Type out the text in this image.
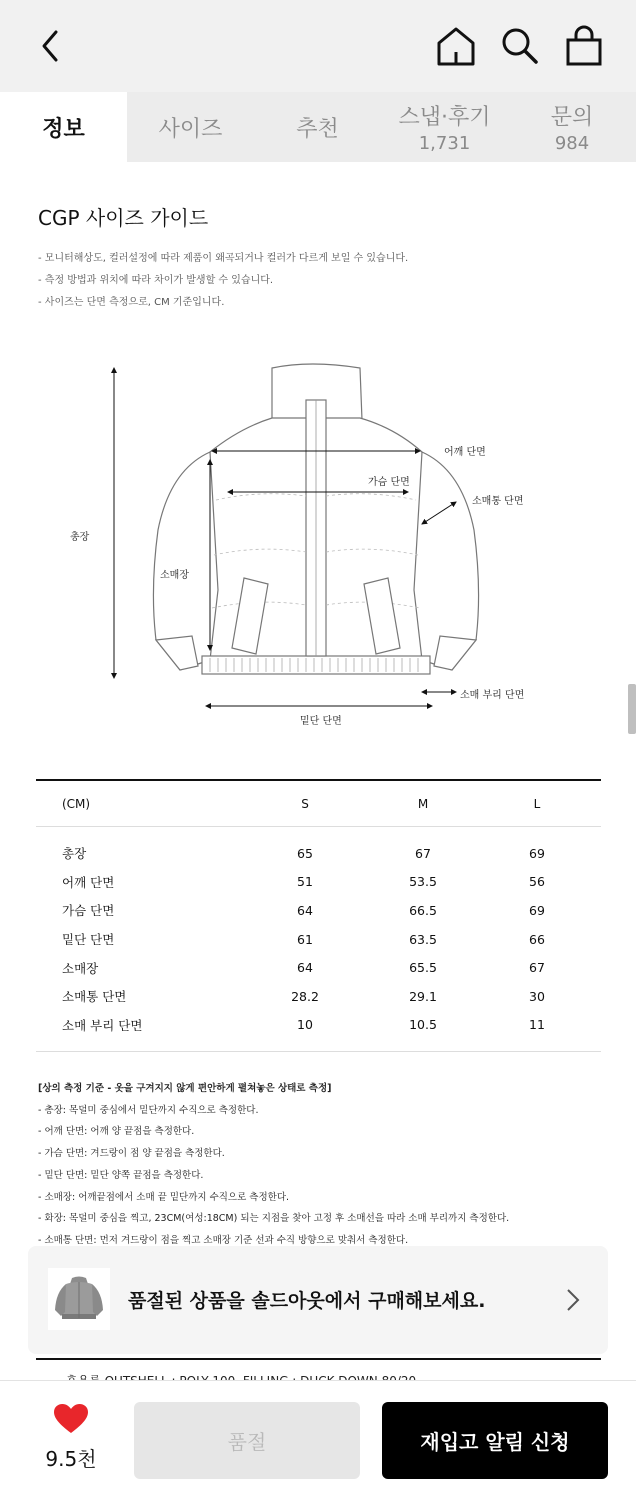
정보	사이즈	추천	스냅·후기
1,731
문의
984
CGP 사이즈 가이드
- 모니터해상도, 컬러설정에 따라 제품이 왜곡되거나 컬러가 다르게 보일 수 있습니다.
- 측정 방법과 위치에 따라 차이가 발생할 수 있습니다.
- 사이즈는 단면 측정으로, CM 기준입니다.
총장
어깨 단면
가슴 단면
소매통 단면
소매장
소매 부리 단면
밑단 단면
(CM)	S	M	L
총장	65	67	69
어깨 단면	51	53.5	56
가슴 단면	64	66.5	69
밑단 단면	61	63.5	66
소매장	64	65.5	67
소매통 단면	28.2	29.1	30
소매 부리 단면	10	10.5	11
[상의 측정 기준 - 옷을 구겨지지 않게 편안하게 펼쳐놓은 상태로 측정]
- 총장: 목덜미 중심에서 밑단까지 수직으로 측정한다.
- 어깨 단면: 어깨 양 끝점을 측정한다.
- 가슴 단면: 겨드랑이 점 양 끝점을 측정한다.
- 밑단 단면: 밑단 양쪽 끝점을 측정한다.
- 소매장: 어깨끝점에서 소매 끝 밑단까지 수직으로 측정한다.
- 화장: 목덜미 중심을 찍고, 23CM(여성:18CM) 되는 지점을 찾아 고정 후 소매선을 따라 소매 부리까지 측정한다.
- 소매통 단면: 먼저 겨드랑이 점을 찍고 소매장 기준 선과 수직 방향으로 맞춰서 측정한다.
품절된 상품을 솔드아웃에서 구매해보세요.
9.5천
품절	재입고 알림 신청
